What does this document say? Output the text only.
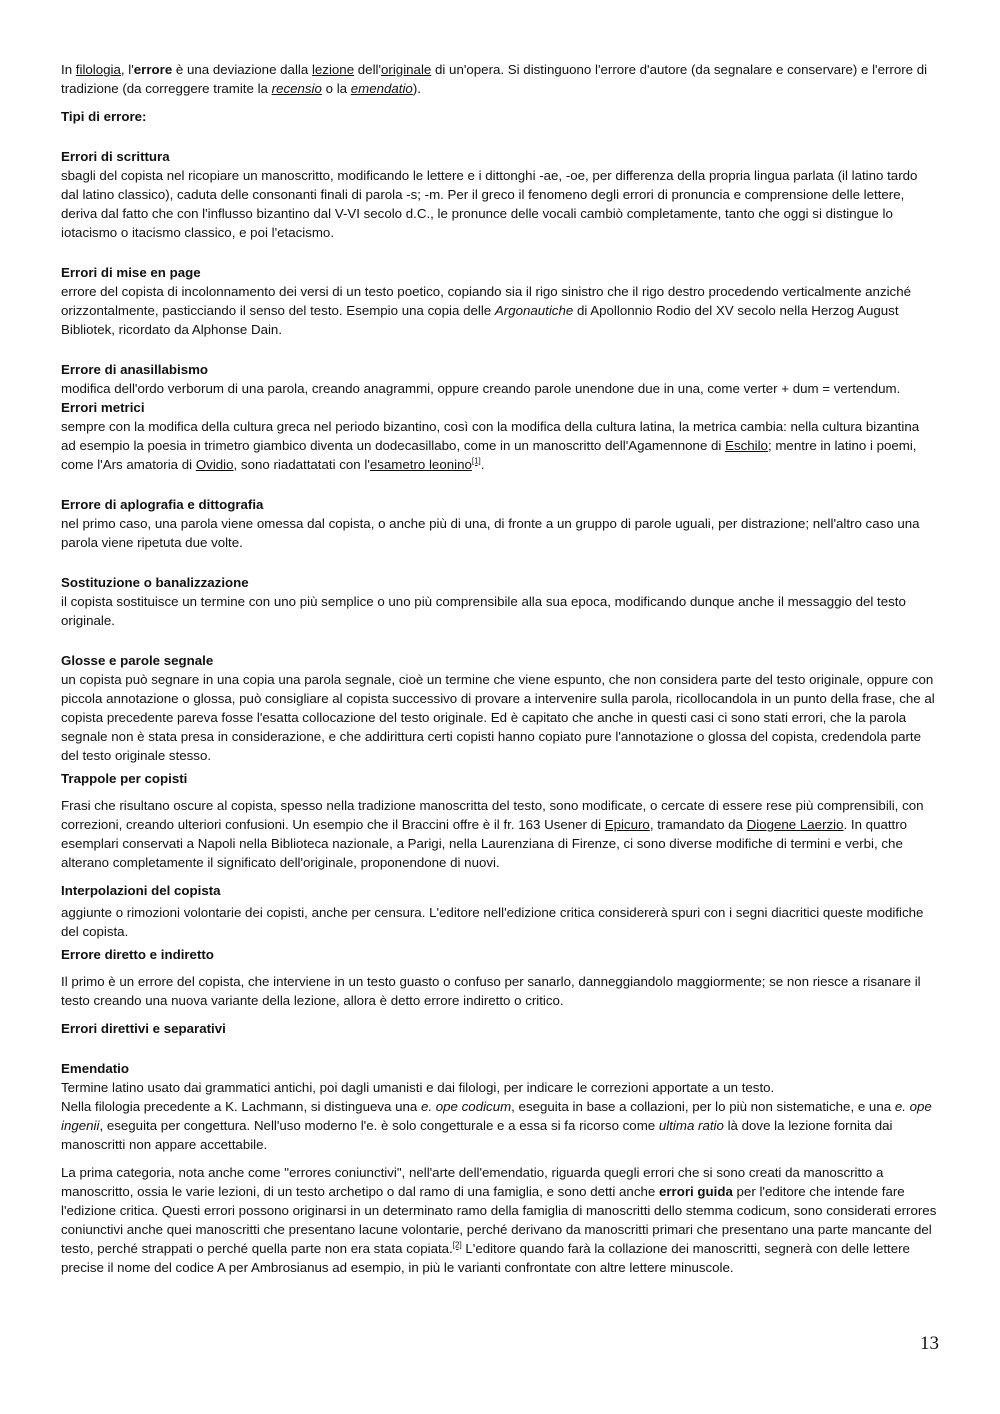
In filologia, l'errore è una deviazione dalla lezione dell'originale di un'opera. Si distinguono l'errore d'autore (da segnalare e conservare) e l'errore di tradizione (da correggere tramite la recensio o la emendatio).

Tipi di errore:

Errori di scrittura

sbagli del copista nel ricopiare un manoscritto, modificando le lettere e i dittonghi -ae, -oe, per differenza della propria lingua parlata (il latino tardo dal latino classico), caduta delle consonanti finali di parola -s; -m. Per il greco il fenomeno degli errori di pronuncia e comprensione delle lettere, deriva dal fatto che con l'influsso bizantino dal V-VI secolo d.C., le pronunce delle vocali cambiò completamente, tanto che oggi si distingue lo iotacismo o itacismo classico, e poi l'etacismo.

Errori di mise en page

errore del copista di incolonnamento dei versi di un testo poetico, copiando sia il rigo sinistro che il rigo destro procedendo verticalmente anziché orizzontalmente, pasticciando il senso del testo. Esempio una copia delle Argonautiche di Apollonnio Rodio del XV secolo nella Herzog August Bibliotek, ricordato da Alphonse Dain.

Errore di anasillabismo

modifica dell'ordo verborum di una parola, creando anagrammi, oppure creando parole unendone due in una, come verter + dum = vertendum.

Errori metrici

sempre con la modifica della cultura greca nel periodo bizantino, così con la modifica della cultura latina, la metrica cambia: nella cultura bizantina ad esempio la poesia in trimetro giambico diventa un dodecasillabo, come in un manoscritto dell'Agamennone di Eschilo; mentre in latino i poemi, come l'Ars amatoria di Ovidio, sono riadattatati con l'esametro leonino[1].

Errore di aplografia e dittografia

nel primo caso, una parola viene omessa dal copista, o anche più di una, di fronte a un gruppo di parole uguali, per distrazione; nell'altro caso una parola viene ripetuta due volte.

Sostituzione o banalizzazione

il copista sostituisce un termine con uno più semplice o uno più comprensibile alla sua epoca, modificando dunque anche il messaggio del testo originale.

Glosse e parole segnale

un copista può segnare in una copia una parola segnale, cioè un termine che viene espunto, che non considera parte del testo originale, oppure con piccola annotazione o glossa, può consigliare al copista successivo di provare a intervenire sulla parola, ricollocandola in un punto della frase, che al copista precedente pareva fosse l'esatta collocazione del testo originale. Ed è capitato che anche in questi casi ci sono stati errori, che la parola segnale non è stata presa in considerazione, e che addirittura certi copisti hanno copiato pure l'annotazione o glossa del copista, credendola parte del testo originale stesso.

Trappole per copisti

Frasi che risultano oscure al copista, spesso nella tradizione manoscritta del testo, sono modificate, o cercate di essere rese più comprensibili, con correzioni, creando ulteriori confusioni. Un esempio che il Braccini offre è il fr. 163 Usener di Epicuro, tramandato da Diogene Laerzio. In quattro esemplari conservati a Napoli nella Biblioteca nazionale, a Parigi, nella Laurenziana di Firenze, ci sono diverse modifiche di termini e verbi, che alterano completamente il significato dell'originale, proponendone di nuovi.

Interpolazioni del copista

aggiunte o rimozioni volontarie dei copisti, anche per censura. L'editore nell'edizione critica considererà spuri con i segni diacritici queste modifiche del copista.

Errore diretto e indiretto

Il primo è un errore del copista, che interviene in un testo guasto o confuso per sanarlo, danneggiandolo maggiormente; se non riesce a risanare il testo creando una nuova variante della lezione, allora è detto errore indiretto o critico.

Errori direttivi e separativi

Emendatio

Termine latino usato dai grammatici antichi, poi dagli umanisti e dai filologi, per indicare le correzioni apportate a un testo.

Nella filologia precedente a K. Lachmann, si distingueva una e. ope codicum, eseguita in base a collazioni, per lo più non sistematiche, e una e. ope ingenii, eseguita per congettura. Nell'uso moderno l'e. è solo congetturale e a essa si fa ricorso come ultima ratio là dove la lezione fornita dai manoscritti non appare accettabile.

La prima categoria, nota anche come "errores coniunctivi", nell'arte dell'emendatio, riguarda quegli errori che si sono creati da manoscritto a manoscritto, ossia le varie lezioni, di un testo archetipo o dal ramo di una famiglia, e sono detti anche errori guida per l'editore che intende fare l'edizione critica. Questi errori possono originarsi in un determinato ramo della famiglia di manoscritti dello stemma codicum, sono considerati errores coniunctivi anche quei manoscritti che presentano lacune volontarie, perché derivano da manoscritti primari che presentano una parte mancante del testo, perché strappati o perché quella parte non era stata copiata.[2] L'editore quando farà la collazione dei manoscritti, segnerà con delle lettere precise il nome del codice A per Ambrosianus ad esempio, in più le varianti confrontate con altre lettere minuscole.

13
